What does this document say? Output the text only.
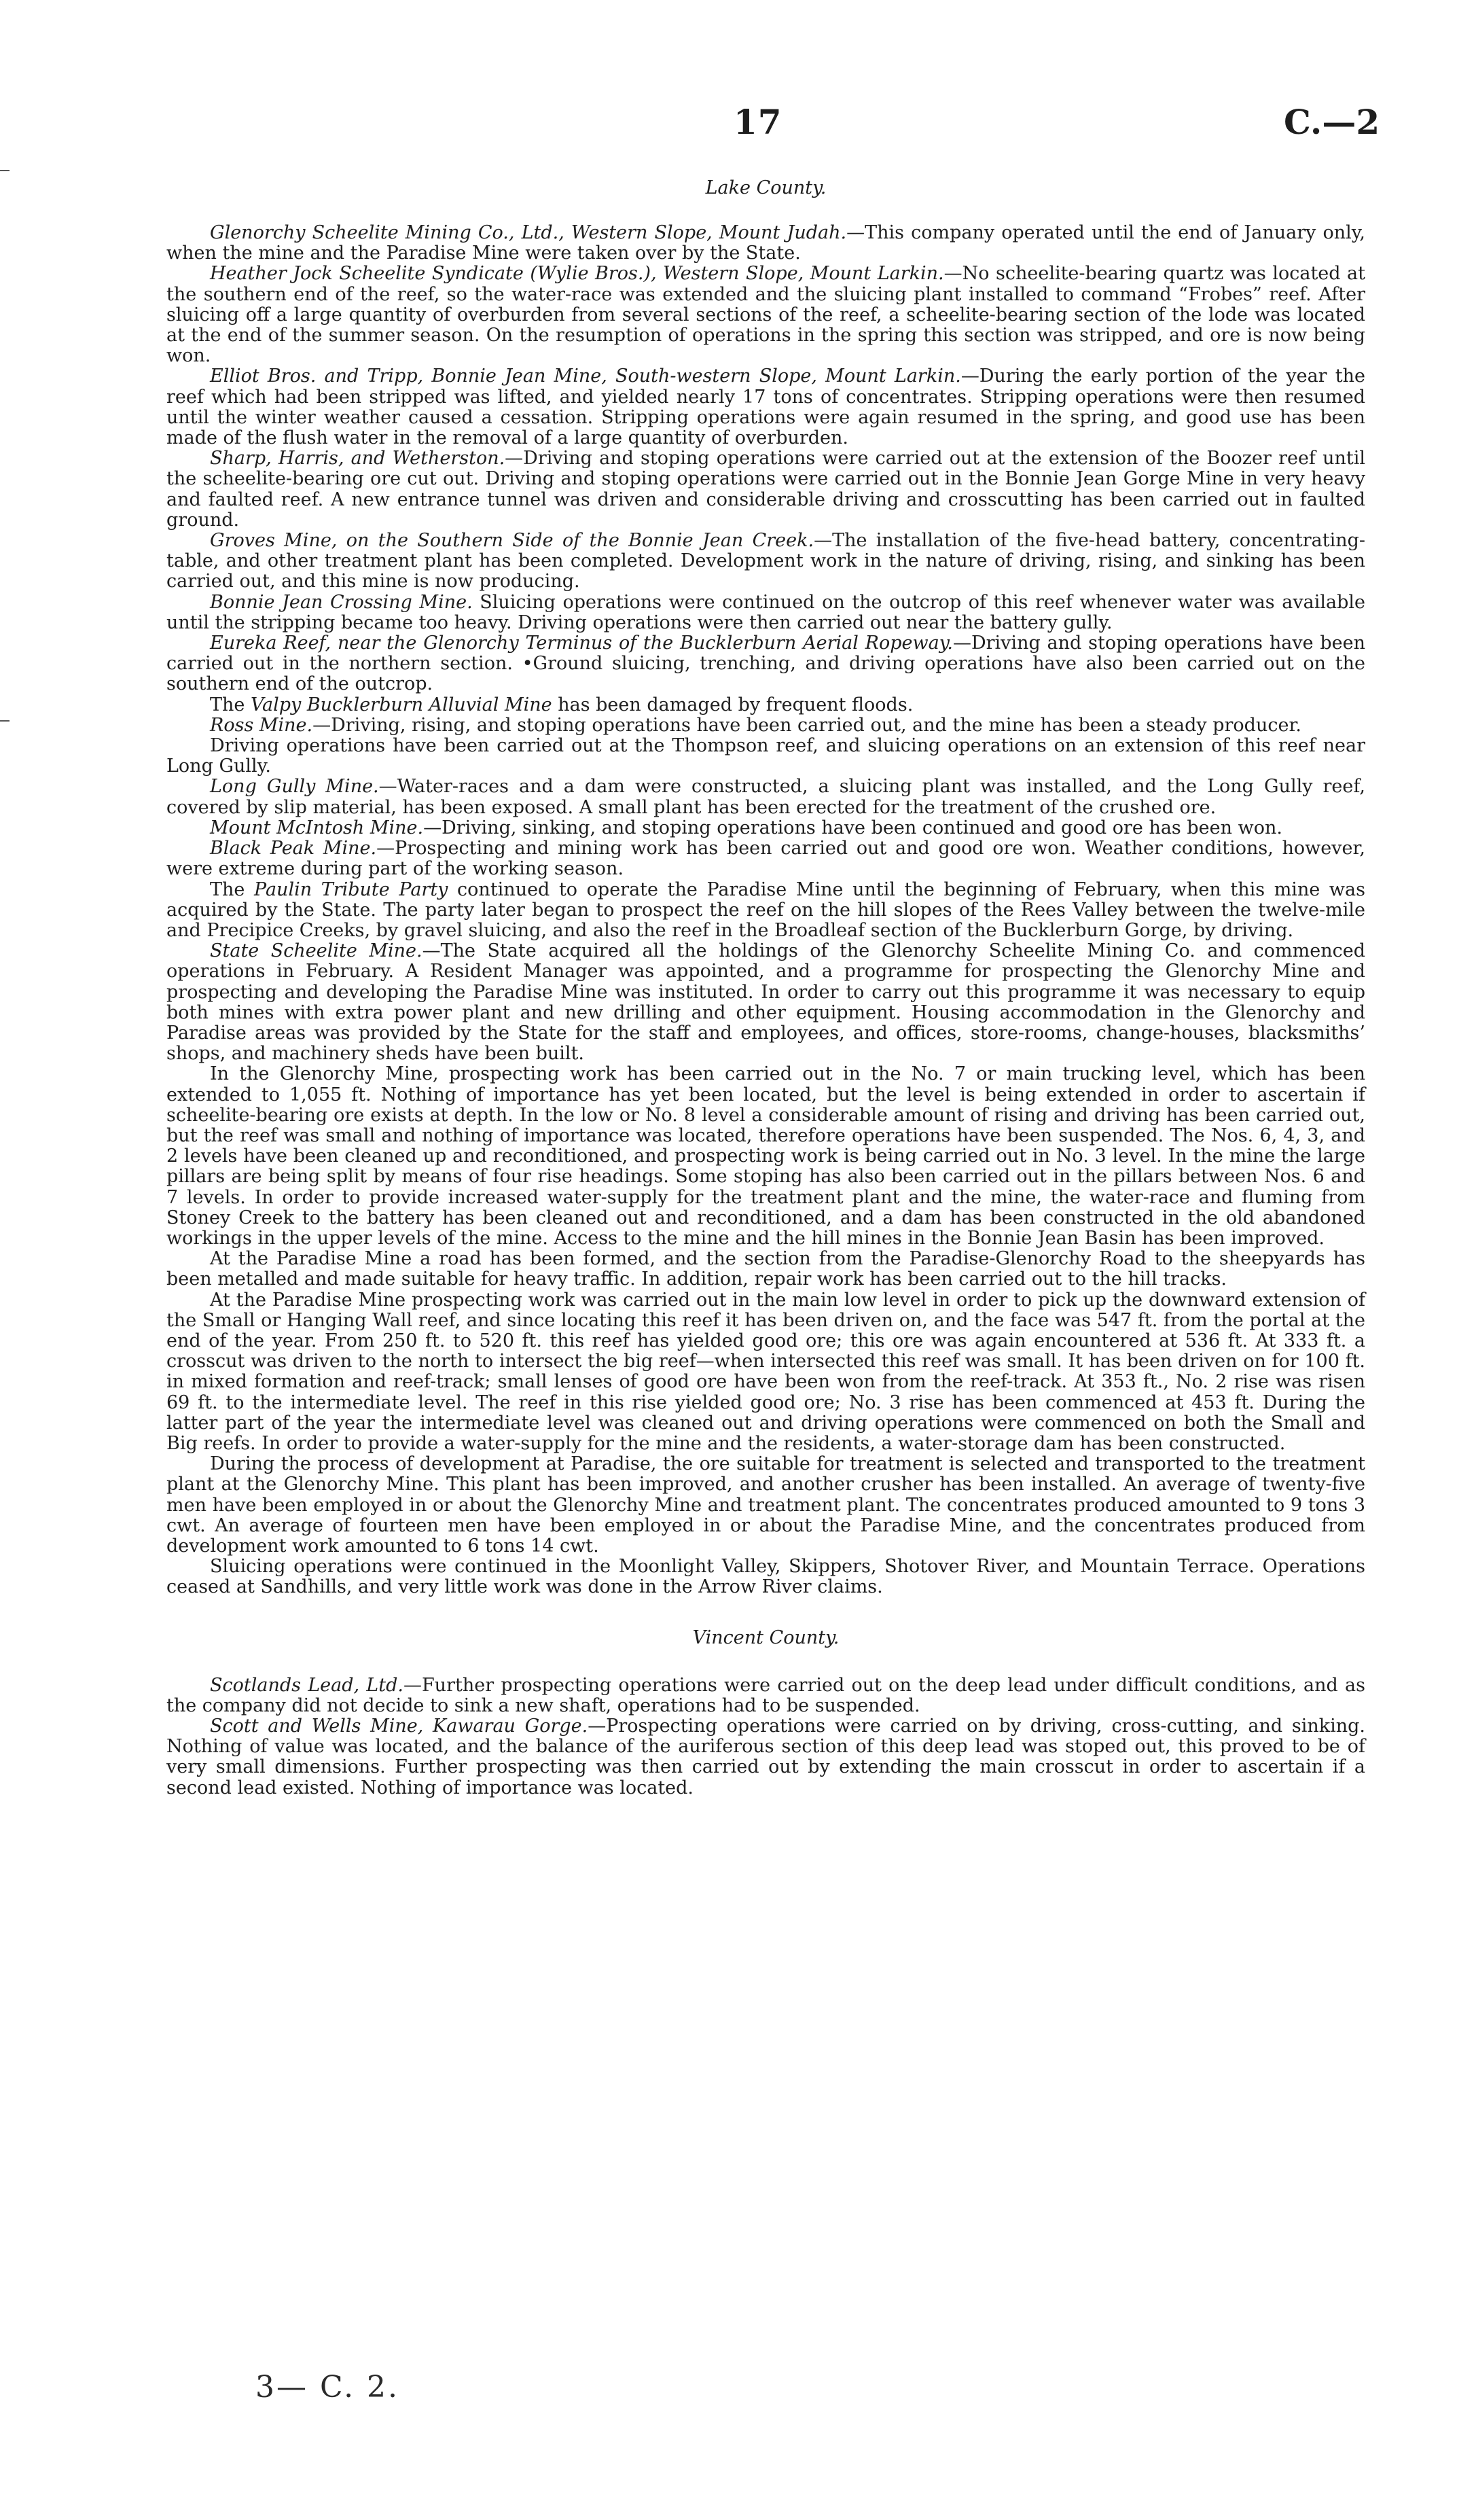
17	C.—2
Lake County.

Glenorchy Scheelite Mining Co., Ltd., Western Slope, Mount Judah.—This company operated until the end of January only, when the mine and the Paradise Mine were taken over by the State.

Heather Jock Scheelite Syndicate (Wylie Bros.), Western Slope, Mount Larkin.—No scheelite-bearing quartz was located at the southern end of the reef, so the water-race was extended and the sluicing plant installed to command “Frobes” reef. After sluicing off a large quantity of overburden from several sections of the reef, a scheelite-bearing section of the lode was located at the end of the summer season. On the resumption of operations in the spring this section was stripped, and ore is now being won.

Elliot Bros. and Tripp, Bonnie Jean Mine, South-western Slope, Mount Larkin.—During the early portion of the year the reef which had been stripped was lifted, and yielded nearly 17 tons of concentrates. Stripping operations were then resumed until the winter weather caused a cessation. Stripping operations were again resumed in the spring, and good use has been made of the flush water in the removal of a large quantity of overburden.

Sharp, Harris, and Wetherston.—Driving and stoping operations were carried out at the extension of the Boozer reef until the scheelite-bearing ore cut out. Driving and stoping operations were carried out in the Bonnie Jean Gorge Mine in very heavy and faulted reef. A new entrance tunnel was driven and considerable driving and crosscutting has been carried out in faulted ground.

Groves Mine, on the Southern Side of the Bonnie Jean Creek.—The installation of the five-head battery, concentrating-table, and other treatment plant has been completed. Development work in the nature of driving, rising, and sinking has been carried out, and this mine is now producing.

Bonnie Jean Crossing Mine. Sluicing operations were continued on the outcrop of this reef whenever water was available until the stripping became too heavy. Driving operations were then carried out near the battery gully.

Eureka Reef, near the Glenorchy Terminus of the Bucklerburn Aerial Ropeway.—Driving and stoping operations have been carried out in the northern section. •Ground sluicing, trenching, and driving operations have also been carried out on the southern end of the outcrop.

The Valpy Bucklerburn Alluvial Mine has been damaged by frequent floods.

Ross Mine.—Driving, rising, and stoping operations have been carried out, and the mine has been a steady producer.

Driving operations have been carried out at the Thompson reef, and sluicing operations on an extension of this reef near Long Gully.

Long Gully Mine.—Water-races and a dam were constructed, a sluicing plant was installed, and the Long Gully reef, covered by slip material, has been exposed. A small plant has been erected for the treatment of the crushed ore.

Mount McIntosh Mine.—Driving, sinking, and stoping operations have been continued and good ore has been won.

Black Peak Mine.—Prospecting and mining work has been carried out and good ore won. Weather conditions, however, were extreme during part of the working season.

The Paulin Tribute Party continued to operate the Paradise Mine until the beginning of February, when this mine was acquired by the State. The party later began to prospect the reef on the hill slopes of the Rees Valley between the twelve-mile and Precipice Creeks, by gravel sluicing, and also the reef in the Broadleaf section of the Bucklerburn Gorge, by driving.

State Scheelite Mine.—The State acquired all the holdings of the Glenorchy Scheelite Mining Co. and commenced operations in February. A Resident Manager was appointed, and a programme for prospecting the Glenorchy Mine and prospecting and developing the Paradise Mine was instituted. In order to carry out this programme it was necessary to equip both mines with extra power plant and new drilling and other equipment. Housing accommodation in the Glenorchy and Paradise areas was provided by the State for the staff and employees, and offices, store-rooms, change-houses, blacksmiths’ shops, and machinery sheds have been built.

In the Glenorchy Mine, prospecting work has been carried out in the No. 7 or main trucking level, which has been extended to 1,055 ft. Nothing of importance has yet been located, but the level is being extended in order to ascertain if scheelite-bearing ore exists at depth. In the low or No. 8 level a considerable amount of rising and driving has been carried out, but the reef was small and nothing of importance was located, therefore operations have been suspended. The Nos. 6, 4, 3, and 2 levels have been cleaned up and reconditioned, and prospecting work is being carried out in No. 3 level. In the mine the large pillars are being split by means of four rise headings. Some stoping has also been carried out in the pillars between Nos. 6 and 7 levels. In order to provide increased water-supply for the treatment plant and the mine, the water-race and fluming from Stoney Creek to the battery has been cleaned out and reconditioned, and a dam has been constructed in the old abandoned workings in the upper levels of the mine. Access to the mine and the hill mines in the Bonnie Jean Basin has been improved.

At the Paradise Mine a road has been formed, and the section from the Paradise-Glenorchy Road to the sheepyards has been metalled and made suitable for heavy traffic. In addition, repair work has been carried out to the hill tracks.

At the Paradise Mine prospecting work was carried out in the main low level in order to pick up the downward extension of the Small or Hanging Wall reef, and since locating this reef it has been driven on, and the face was 547 ft. from the portal at the end of the year. From 250 ft. to 520 ft. this reef has yielded good ore; this ore was again encountered at 536 ft. At 333 ft. a crosscut was driven to the north to intersect the big reef—when intersected this reef was small. It has been driven on for 100 ft. in mixed formation and reef-track; small lenses of good ore have been won from the reef-track. At 353 ft., No. 2 rise was risen 69 ft. to the intermediate level. The reef in this rise yielded good ore; No. 3 rise has been commenced at 453 ft. During the latter part of the year the intermediate level was cleaned out and driving operations were commenced on both the Small and Big reefs. In order to provide a water-supply for the mine and the residents, a water-storage dam has been constructed.

During the process of development at Paradise, the ore suitable for treatment is selected and transported to the treatment plant at the Glenorchy Mine. This plant has been improved, and another crusher has been installed. An average of twenty-five men have been employed in or about the Glenorchy Mine and treatment plant. The concentrates produced amounted to 9 tons 3 cwt. An average of fourteen men have been employed in or about the Paradise Mine, and the concentrates produced from development work amounted to 6 tons 14 cwt.

Sluicing operations were continued in the Moonlight Valley, Skippers, Shotover River, and Mountain Terrace. Operations ceased at Sandhills, and very little work was done in the Arrow River claims.

Vincent County.

Scotlands Lead, Ltd.—Further prospecting operations were carried out on the deep lead under difficult conditions, and as the company did not decide to sink a new shaft, operations had to be suspended.

Scott and Wells Mine, Kawarau Gorge.—Prospecting operations were carried on by driving, cross-cutting, and sinking. Nothing of value was located, and the balance of the auriferous section of this deep lead was stoped out, this proved to be of very small dimensions. Further prospecting was then carried out by extending the main crosscut in order to ascertain if a second lead existed. Nothing of importance was located.

3— C. 2.
